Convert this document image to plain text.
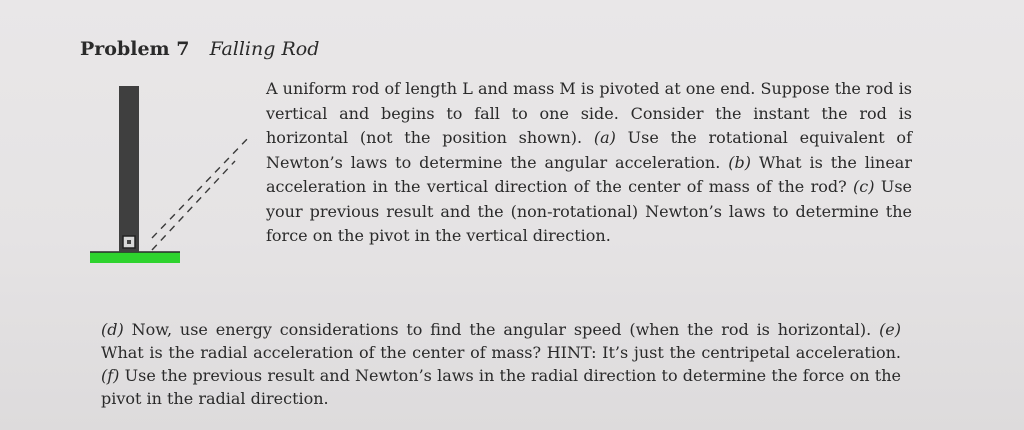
Problem 7 Falling Rod

A uniform rod of length L and mass M is pivoted at one end. Suppose the rod is vertical and begins to fall to one side. Consider the instant the rod is horizontal (not the position shown). (a) Use the rotational equivalent of Newton’s laws to determine the angular acceleration. (b) What is the linear acceleration in the vertical direction of the center of mass of the rod? (c) Use your previous result and the (non-rotational) Newton’s laws to determine the force on the pivot in the vertical direction.

(d) Now, use energy considerations to find the angular speed (when the rod is horizontal). (e) What is the radial acceleration of the center of mass? HINT: It’s just the centripetal acceleration. (f) Use the previous result and Newton’s laws in the radial direction to determine the force on the pivot in the radial direction.
